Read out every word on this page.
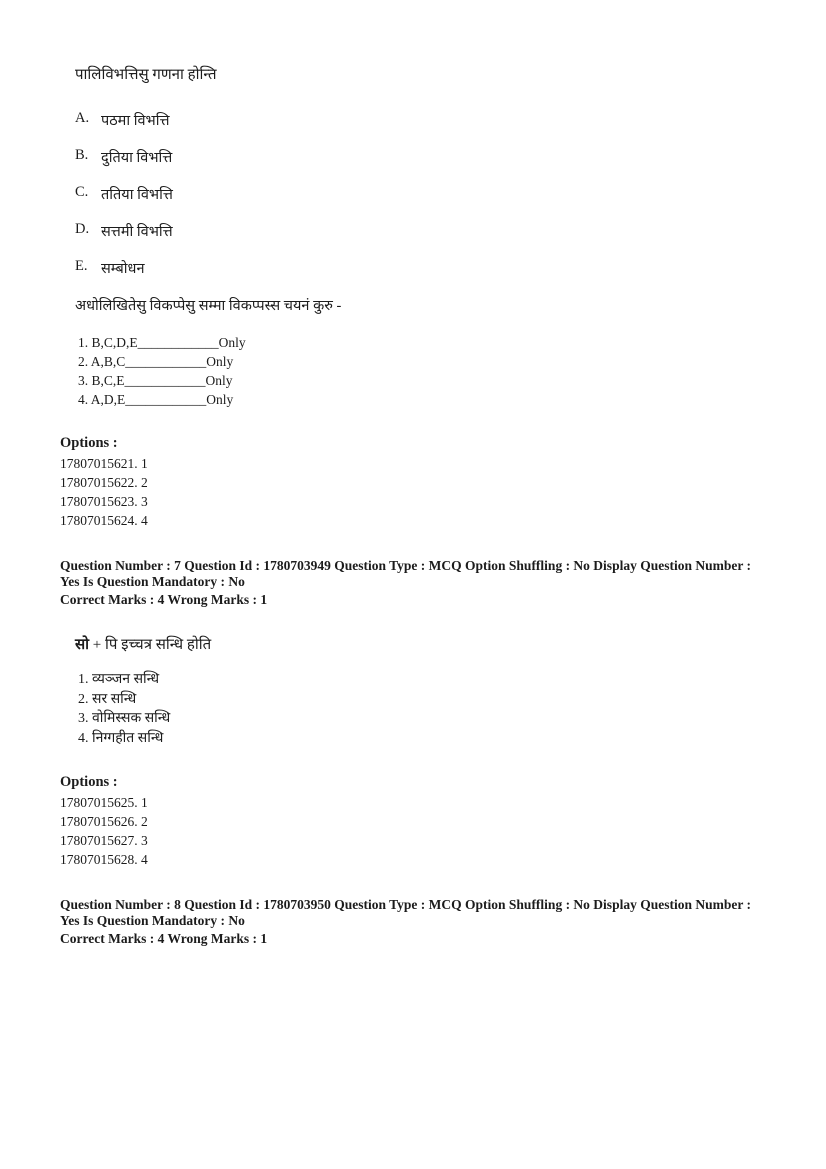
पालिविभत्तिसु गणना होन्ति
A. पठमा विभत्ति
B. दुतिया विभत्ति
C. ततिया विभत्ति
D. सत्तमी विभत्ति
E. सम्बोधन
अधोलिखितेसु विकप्पेसु सम्मा विकप्पस्स चयनं कुरु -
1. B,C,D,E____________Only
2. A,B,C____________Only
3. B,C,E____________Only
4. A,D,E____________Only
Options :
17807015621. 1
17807015622. 2
17807015623. 3
17807015624. 4
Question Number : 7 Question Id : 1780703949 Question Type : MCQ Option Shuffling : No Display Question Number : Yes Is Question Mandatory : No
Correct Marks : 4 Wrong Marks : 1
सो + पि इच्चत्र सन्धि होति
1. व्यञ्जन सन्धि
2. सर सन्धि
3. वोमिस्सक सन्धि
4. निग्गहीत सन्धि
Options :
17807015625. 1
17807015626. 2
17807015627. 3
17807015628. 4
Question Number : 8 Question Id : 1780703950 Question Type : MCQ Option Shuffling : No Display Question Number : Yes Is Question Mandatory : No
Correct Marks : 4 Wrong Marks : 1
